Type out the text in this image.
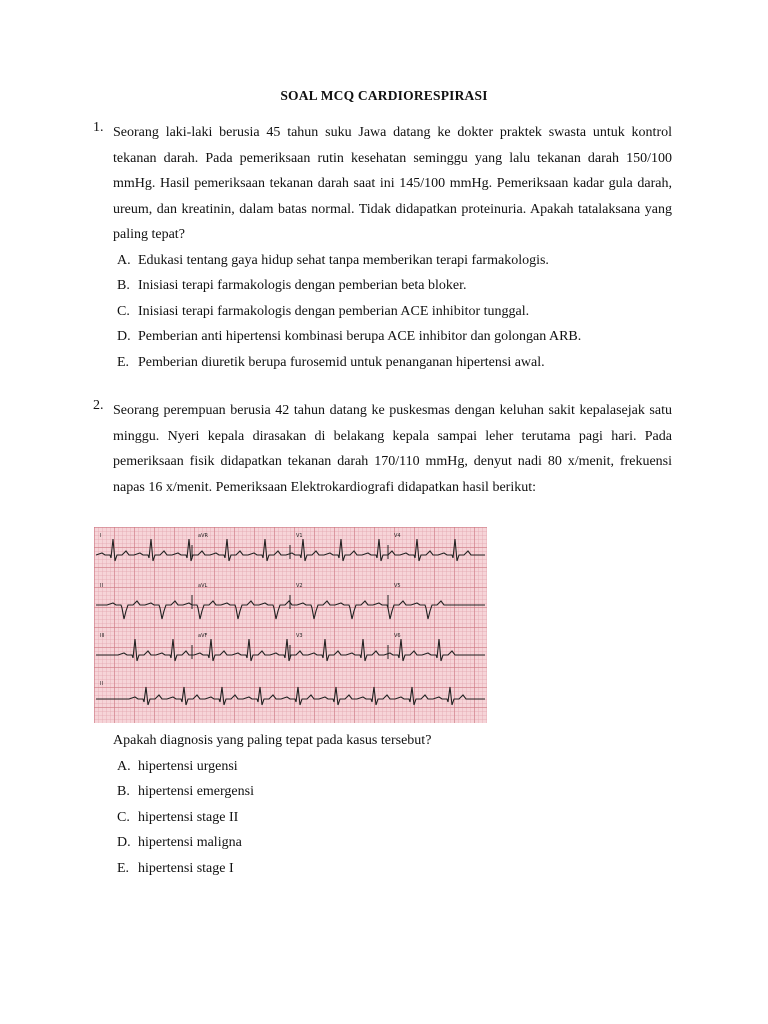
SOAL MCQ CARDIORESPIRASI
1. Seorang laki-laki berusia 45 tahun suku Jawa datang ke dokter praktek swasta untuk kontrol tekanan darah. Pada pemeriksaan rutin kesehatan seminggu yang lalu tekanan darah 150/100 mmHg. Hasil pemeriksaan tekanan darah saat ini 145/100 mmHg. Pemeriksaan kadar gula darah, ureum, dan kreatinin, dalam batas normal. Tidak didapatkan proteinuria. Apakah tatalaksana yang paling tepat?
A. Edukasi tentang gaya hidup sehat tanpa memberikan terapi farmakologis.
B. Inisiasi terapi farmakologis dengan pemberian beta bloker.
C. Inisiasi terapi farmakologis dengan pemberian ACE inhibitor tunggal.
D. Pemberian anti hipertensi kombinasi berupa ACE inhibitor dan golongan ARB.
E. Pemberian diuretik berupa furosemid untuk penanganan hipertensi awal.
2. Seorang perempuan berusia 42 tahun datang ke puskesmas dengan keluhan sakit kepalasejak satu minggu. Nyeri kepala dirasakan di belakang kepala sampai leher terutama pagi hari. Pada pemeriksaan fisik didapatkan tekanan darah 170/110 mmHg, denyut nadi 80 x/menit, frekuensi napas 16 x/menit. Pemeriksaan Elektrokardiografi didapatkan hasil berikut:
I	aVR	V1	V4
II	aVL	V2	V5
III	aVF	V3	V6
II
Apakah diagnosis yang paling tepat pada kasus tersebut?
A. hipertensi urgensi
B. hipertensi emergensi
C. hipertensi stage II
D. hipertensi maligna
E. hipertensi stage I
